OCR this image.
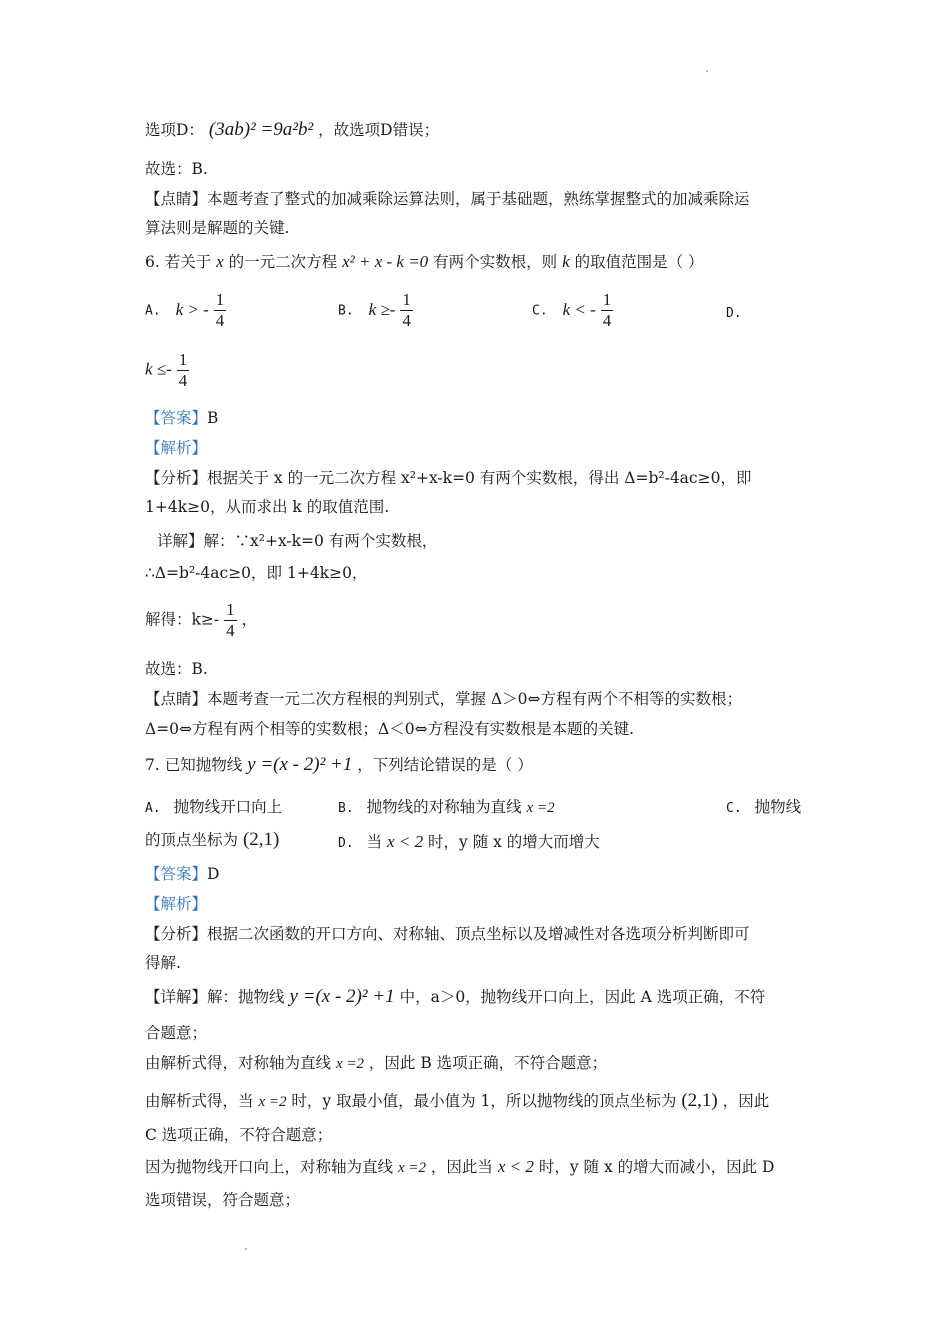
选项D： (3ab)² =9a²b² ，故选项D错误；
故选：B.
【点睛】本题考查了整式的加减乘除运算法则，属于基础题，熟练掌握整式的加减乘除运
算法则是解题的关键.
6. 若关于 x 的一元二次方程 x² + x - k =0 有两个实数根，则 k 的取值范围是（ ）
A. k > - $\frac{1}{4}$	B. $k \ge- \frac{1}{4}$	C. k < - $\frac{1}{4}$	D.
$k \le- \frac{1}{4}$
【答案】B
【解析】
【分析】根据关于 x 的一元二次方程 x²+x-k=0 有两个实数根，得出 Δ=b²-4ac≥0，即
1+4k≥0，从而求出 k 的取值范围.
详解】解：∵x²+x-k=0 有两个实数根，
∴Δ=b²-4ac≥0，即 1+4k≥0，
解得：$k\ge- \frac{1}{4}$ ，
故选：B.
【点睛】本题考查一元二次方程根的判别式，掌握 Δ＞0⇔方程有两个不相等的实数根；
Δ=0⇔方程有两个相等的实数根；Δ＜0⇔方程没有实数根是本题的关键.
7. 已知抛物线 y =(x - 2)² +1 ，下列结论错误的是（ ）
A. 抛物线开口向上	B. 抛物线的对称轴为直线 x =2	C. 抛物线
的顶点坐标为 (2,1)	D. 当 x < 2 时，y 随 x 的增大而增大
【答案】D
【解析】
【分析】根据二次函数的开口方向、对称轴、顶点坐标以及增减性对各选项分析判断即可
得解.
【详解】解：抛物线 y =(x - 2)² +1 中，a＞0，抛物线开口向上，因此 A 选项正确，不符
合题意；
由解析式得，对称轴为直线 x =2 ，因此 B 选项正确，不符合题意；
由解析式得，当 x =2 时，y 取最小值，最小值为 1，所以抛物线的顶点坐标为 (2,1) ，因此
C 选项正确，不符合题意；
因为抛物线开口向上，对称轴为直线 x =2 ，因此当 x < 2 时，y 随 x 的增大而减小，因此 D
选项错误，符合题意；
